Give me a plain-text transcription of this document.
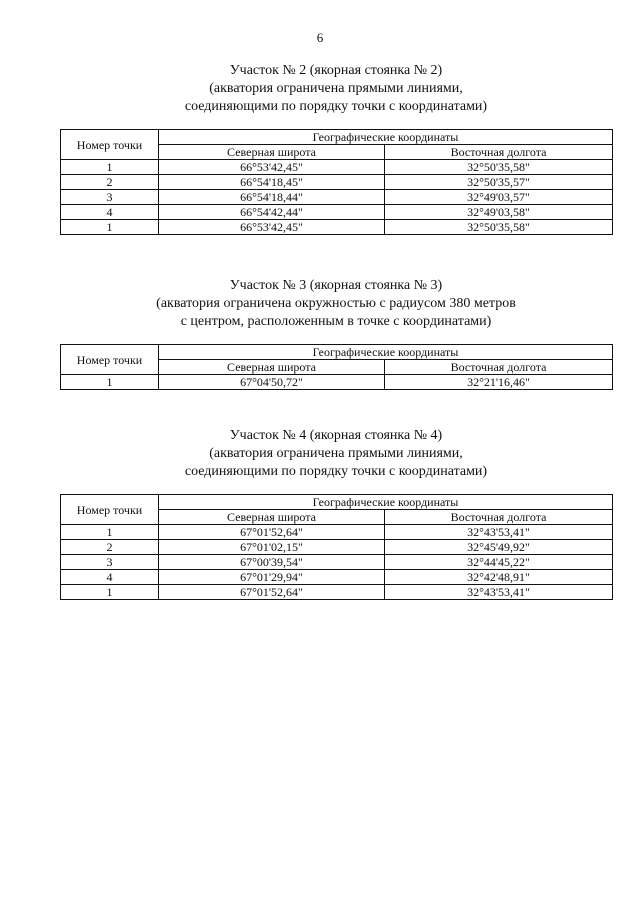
6
Участок № 2 (якорная стоянка № 2)
(акватория ограничена прямыми линиями,
соединяющими по порядку точки с координатами)
Номер точки	Географические координаты	
	Северная широта	Восточная долгота
1	66°53'42,45"	32°50'35,58"
2	66°54'18,45"	32°50'35,57"
3	66°54'18,44"	32°49'03,57"
4	66°54'42,44"	32°49'03,58"
1	66°53'42,45"	32°50'35,58"
Участок № 3 (якорная стоянка № 3)
(акватория ограничена окружностью с радиусом 380 метров
с центром, расположенным в точке с координатами)
Номер точки	Географические координаты	
	Северная широта	Восточная долгота
1	67°04'50,72"	32°21'16,46"
Участок № 4 (якорная стоянка № 4)
(акватория ограничена прямыми линиями,
соединяющими по порядку точки с координатами)
Номер точки	Географические координаты	
	Северная широта	Восточная долгота
1	67°01'52,64"	32°43'53,41"
2	67°01'02,15"	32°45'49,92"
3	67°00'39,54"	32°44'45,22"
4	67°01'29,94"	32°42'48,91"
1	67°01'52,64"	32°43'53,41"
